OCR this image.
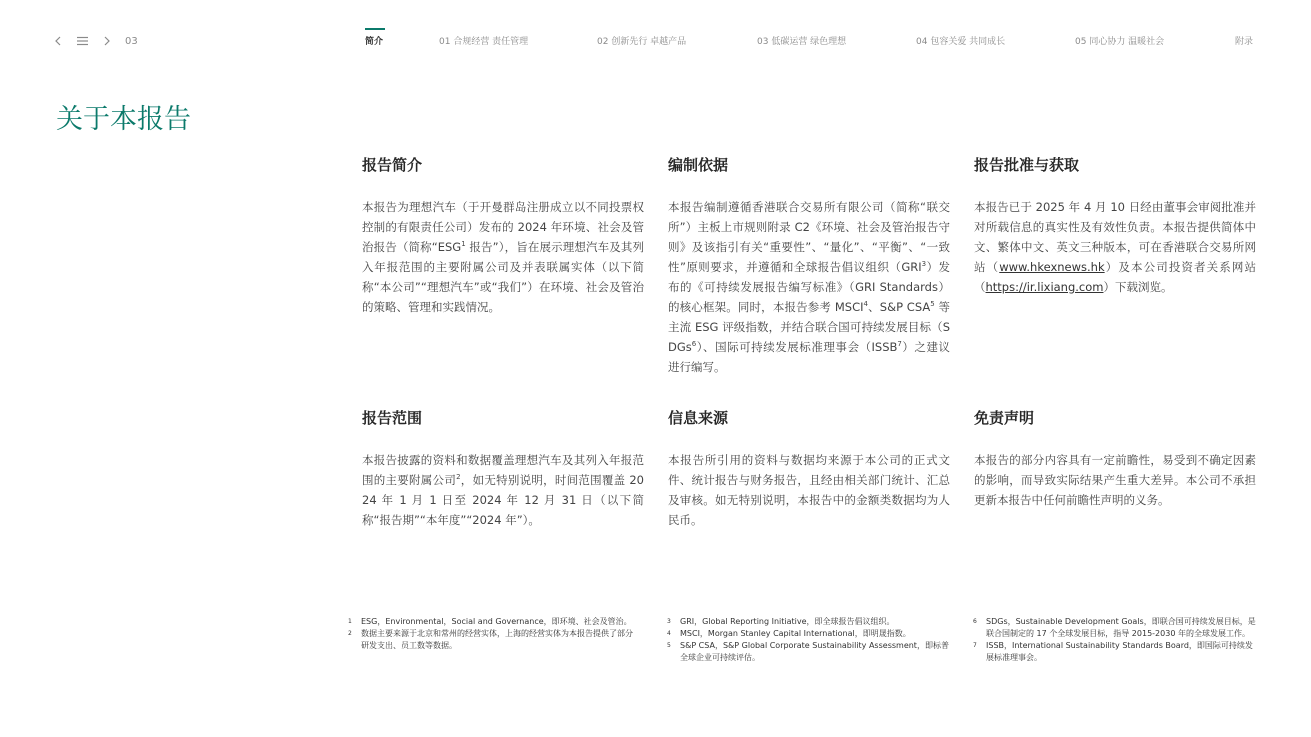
03	简介	01 合规经营 责任管理	02 创新先行 卓越产品	03 低碳运营 绿色理想	04 包容关爱 共同成长	05 同心协力 温暖社会	附录
关于本报告
报告简介

本报告为理想汽车（于开曼群岛注册成立以不同投票权控制的有限责任公司）发布的 2024 年环境、社会及管治报告（简称“ESG$^1$ 报告”），旨在展示理想汽车及其列入年报范围的主要附属公司及并表联属实体（以下简称“本公司”“理想汽车”或“我们”）在环境、社会及管治的策略、管理和实践情况。

编制依据

本报告编制遵循香港联合交易所有限公司（简称“联交所”）主板上市规则附录 C2《环境、社会及管治报告守则》及该指引有关“重要性”、“量化”、“平衡”、“一致性”原则要求，并遵循和全球报告倡议组织（GRI$^3$）发布的《可持续发展报告编写标准》（GRI Standards）的核心框架。同时，本报告参考 MSCI$^4$、S&P CSA$^5$ 等主流 ESG 评级指数，并结合联合国可持续发展目标（SDGs$^6$）、国际可持续发展标准理事会（ISSB$^7$）之建议进行编写。

报告批准与获取

本报告已于 2025 年 4 月 10 日经由董事会审阅批准并对所载信息的真实性及有效性负责。本报告提供简体中文、繁体中文、英文三种版本，可在香港联合交易所网站（www.hkexnews.hk）及本公司投资者关系网站（https://ir.lixiang.com）下载浏览。

报告范围

本报告披露的资料和数据覆盖理想汽车及其列入年报范围的主要附属公司$^2$，如无特别说明，时间范围覆盖 2024 年 1 月 1 日至 2024 年 12 月 31 日（以下简称“报告期”“本年度”“2024 年”）。

信息来源

本报告所引用的资料与数据均来源于本公司的正式文件、统计报告与财务报告，且经由相关部门统计、汇总及审核。如无特别说明，本报告中的金额类数据均为人民币。

免责声明

本报告的部分内容具有一定前瞻性，易受到不确定因素的影响，而导致实际结果产生重大差异。本公司不承担更新本报告中任何前瞻性声明的义务。

1	ESG，Environmental，Social and Governance，即环境、社会及管治。
2	数据主要来源于北京和常州的经营实体，上海的经营实体为本报告提供了部分研发支出、员工数等数据。
3	GRI，Global Reporting Initiative，即全球报告倡议组织。
4	MSCI，Morgan Stanley Capital International，即明晟指数。
5	S&P CSA，S&P Global Corporate Sustainability Assessment，即标普全球企业可持续评估。
6	SDGs，Sustainable Development Goals，即联合国可持续发展目标，是联合国制定的 17 个全球发展目标，指导 2015-2030 年的全球发展工作。
7	ISSB，International Sustainability Standards Board，即国际可持续发展标准理事会。
